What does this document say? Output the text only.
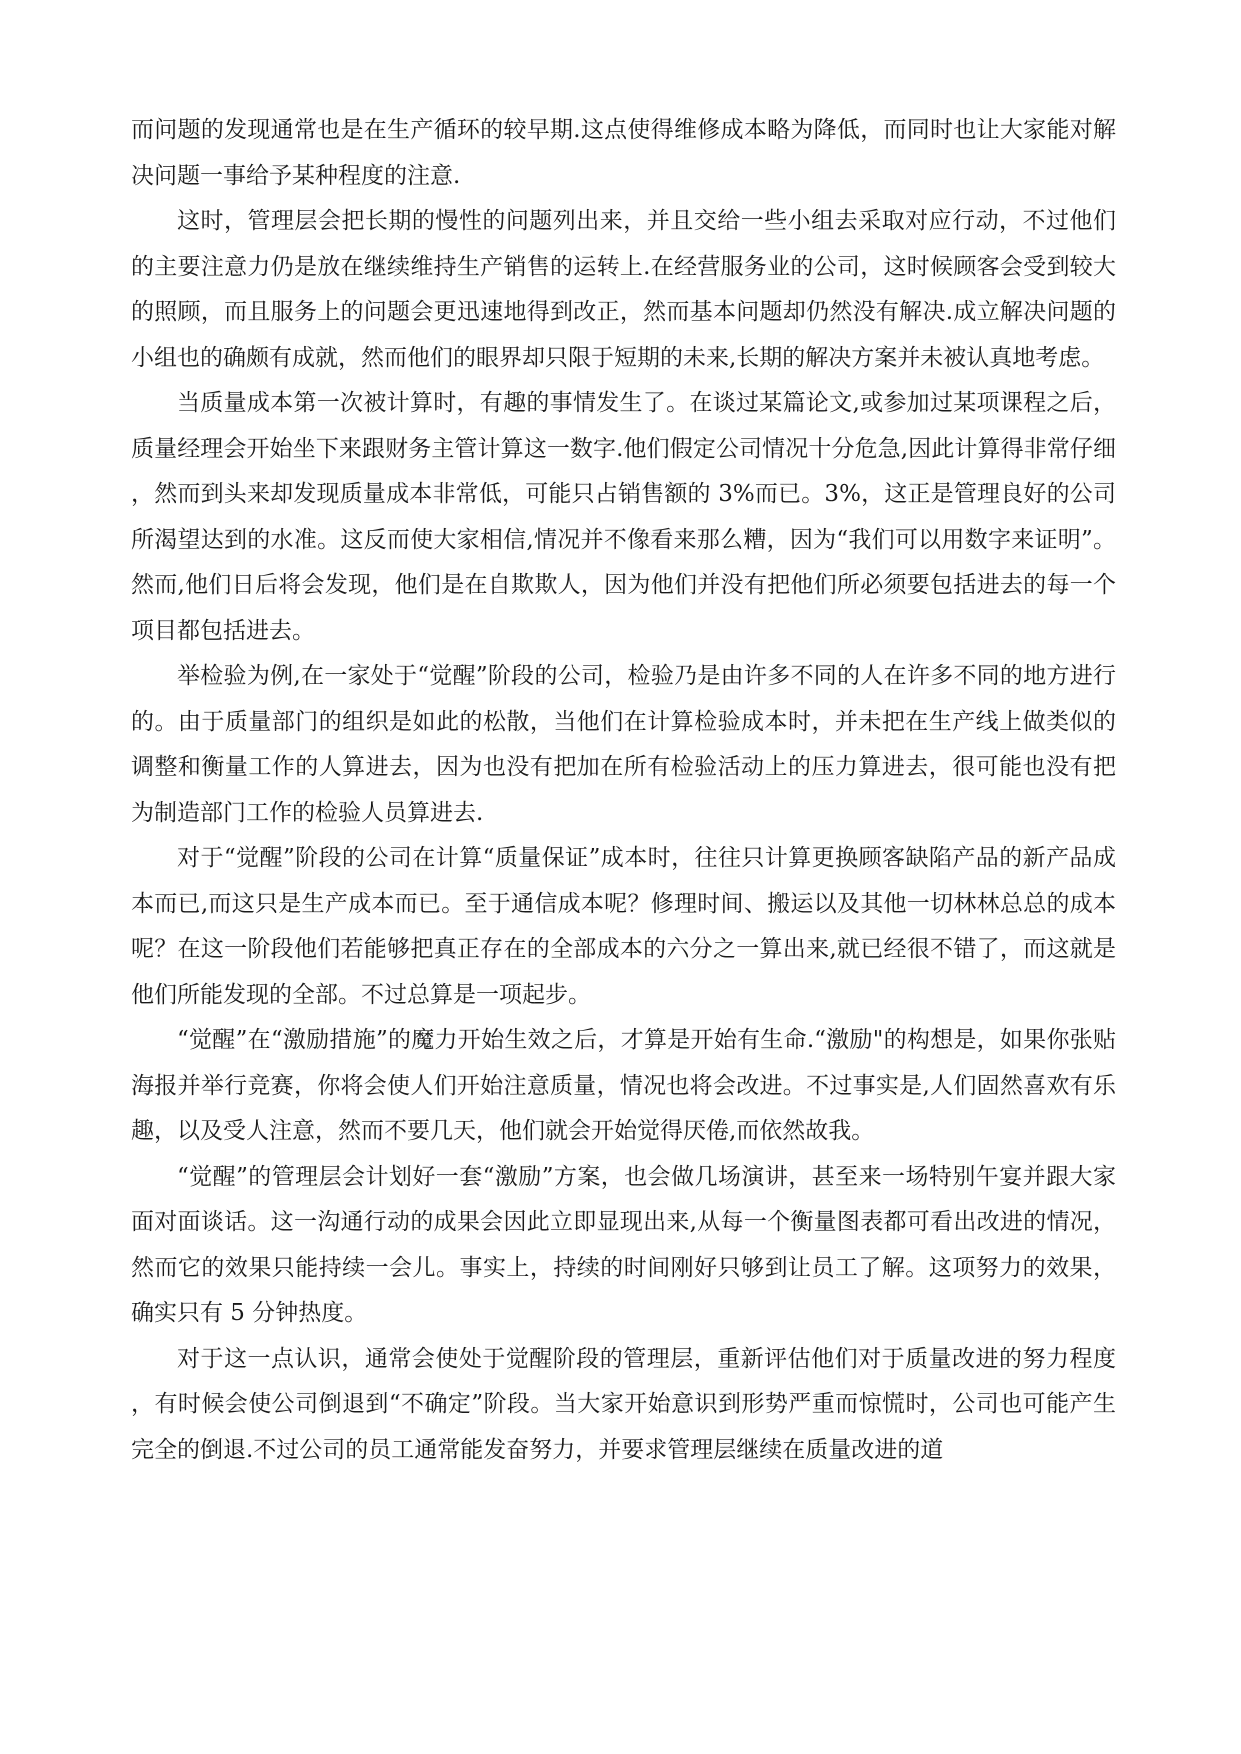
而问题的发现通常也是在生产循环的较早期.这点使得维修成本略为降低，而同时也让大家能对解决问题一事给予某种程度的注意.

这时，管理层会把长期的慢性的问题列出来，并且交给一些小组去采取对应行动，不过他们的主要注意力仍是放在继续维持生产销售的运转上.在经营服务业的公司，这时候顾客会受到较大的照顾，而且服务上的问题会更迅速地得到改正，然而基本问题却仍然没有解决.成立解决问题的小组也的确颇有成就，然而他们的眼界却只限于短期的未来,长期的解决方案并未被认真地考虑。

当质量成本第一次被计算时，有趣的事情发生了。在谈过某篇论文,或参加过某项课程之后，质量经理会开始坐下来跟财务主管计算这一数字.他们假定公司情况十分危急,因此计算得非常仔细，然而到头来却发现质量成本非常低，可能只占销售额的 3%而已。3%，这正是管理良好的公司所渴望达到的水准。这反而使大家相信,情况并不像看来那么糟，因为“我们可以用数字来证明”。然而,他们日后将会发现，他们是在自欺欺人，因为他们并没有把他们所必须要包括进去的每一个项目都包括进去。

举检验为例,在一家处于“觉醒”阶段的公司，检验乃是由许多不同的人在许多不同的地方进行的。由于质量部门的组织是如此的松散，当他们在计算检验成本时，并未把在生产线上做类似的调整和衡量工作的人算进去，因为也没有把加在所有检验活动上的压力算进去，很可能也没有把为制造部门工作的检验人员算进去.

对于“觉醒”阶段的公司在计算“质量保证”成本时，往往只计算更换顾客缺陷产品的新产品成本而已,而这只是生产成本而已。至于通信成本呢？修理时间、搬运以及其他一切林林总总的成本呢？在这一阶段他们若能够把真正存在的全部成本的六分之一算出来,就已经很不错了，而这就是他们所能发现的全部。不过总算是一项起步。

“觉醒”在“激励措施”的魔力开始生效之后，才算是开始有生命.“激励"的构想是，如果你张贴海报并举行竞赛，你将会使人们开始注意质量，情况也将会改进。不过事实是,人们固然喜欢有乐趣，以及受人注意，然而不要几天，他们就会开始觉得厌倦,而依然故我。

“觉醒”的管理层会计划好一套“激励”方案，也会做几场演讲，甚至来一场特别午宴并跟大家面对面谈话。这一沟通行动的成果会因此立即显现出来,从每一个衡量图表都可看出改进的情况，然而它的效果只能持续一会儿。事实上，持续的时间刚好只够到让员工了解。这项努力的效果，确实只有 5 分钟热度。

对于这一点认识，通常会使处于觉醒阶段的管理层，重新评估他们对于质量改进的努力程度，有时候会使公司倒退到“不确定”阶段。当大家开始意识到形势严重而惊慌时，公司也可能产生完全的倒退.不过公司的员工通常能发奋努力，并要求管理层继续在质量改进的道
